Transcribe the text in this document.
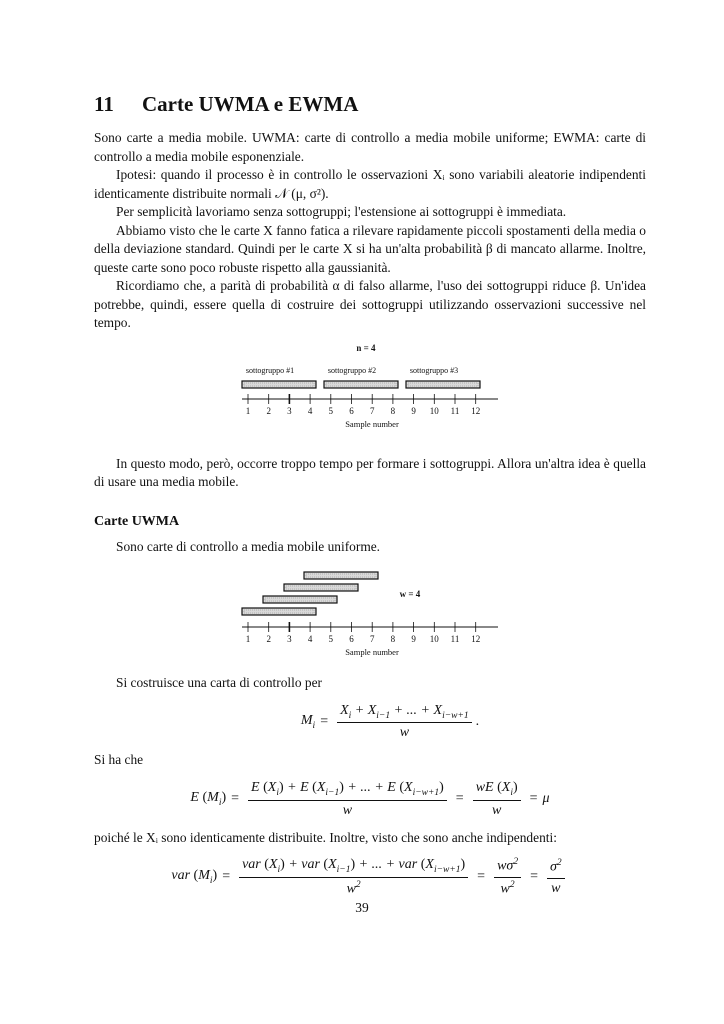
11 Carte UWMA e EWMA

Sono carte a media mobile. UWMA: carte di controllo a media mobile uniforme; EWMA: carte di controllo a media mobile esponenziale.

Ipotesi: quando il processo è in controllo le osservazioni Xᵢ sono variabili aleatorie indipendenti identicamente distribuite normali 𝒩 (μ, σ²).

Per semplicità lavoriamo senza sottogruppi; l'estensione ai sottogruppi è immediata.

Abbiamo visto che le carte X fanno fatica a rilevare rapidamente piccoli spostamenti della media o della deviazione standard. Quindi per le carte X si ha un'alta probabilità β di mancato allarme. Inoltre, queste carte sono poco robuste rispetto alla gaussianità.

Ricordiamo che, a parità di probabilità α di falso allarme, l'uso dei sottogruppi riduce β. Un'idea potrebbe, quindi, essere quella di costruire dei sottogruppi utilizzando osservazioni successive nel tempo.

n = 4
sottogruppo #1	sottogruppo #2	sottogruppo #3
1 2 3 4 5 6 7 8 9 10 11 12
Sample number

In questo modo, però, occorre troppo tempo per formare i sottogruppi. Allora un'altra idea è quella di usare una media mobile.

Carte UWMA

Sono carte di controllo a media mobile uniforme.

w = 4
1 2 3 4 5 6 7 8 9 10 11 12
Sample number

Si costruisce una carta di controllo per

$M_i = \frac{X_i + X_{i-1} + ... + X_{i-w+1}}{w}$ .

Si ha che

E $(M_i) = \frac{E (X_i) + E (X_{i-1}) + ... + E (X_{i-w+1})}{w} = \frac{wE (X_i)}{w} = \mu$

poiché le Xᵢ sono identicamente distribuite. Inoltre, visto che sono anche indipendenti:

var $(M_i) = \frac{var (X_i) + var (X_{i-1}) + ... + var (X_{i-w+1})}{w^2} = \frac{w\sigma^2}{w^2} = \frac{\sigma^2}{w}$
39
